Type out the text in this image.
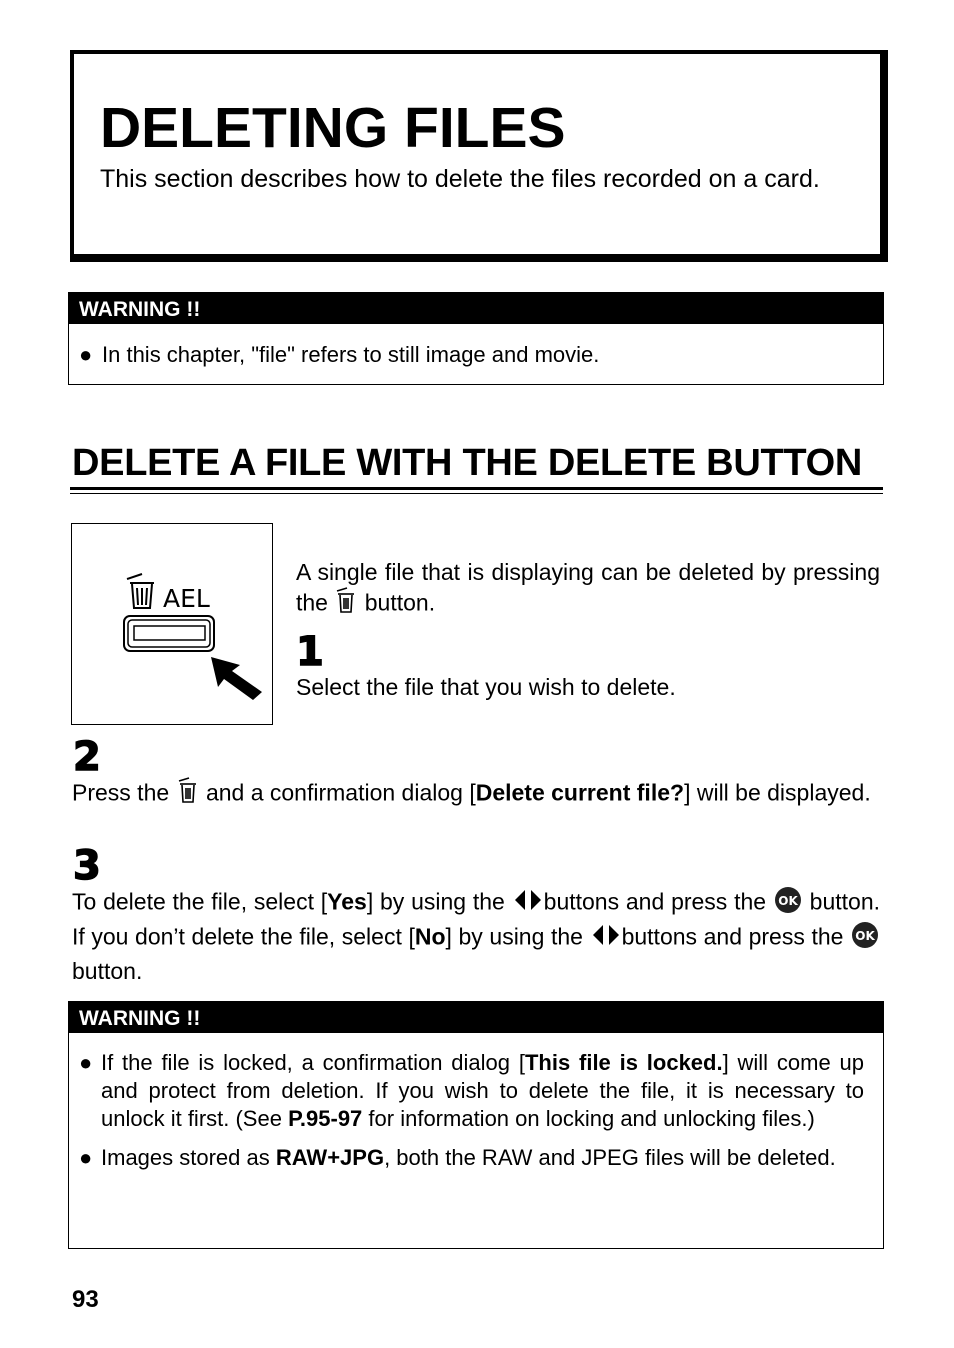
DELETING FILES
This section describes how to delete the files recorded on a card.
WARNING !!
● In this chapter, "file" refers to still image and movie.
DELETE A FILE WITH THE DELETE BUTTON
AEL
A single file that is displaying can be deleted by pressing the button.
1
Select the file that you wish to delete.
2
Press the and a confirmation dialog [Delete current file?] will be displayed.
3
To delete the file, select [Yes] by using the buttons and press the OK button. If you don’t delete the file, select [No] by using the buttons and press the OK
button.
WARNING !!
● If the file is locked, a confirmation dialog [This file is locked.] will come up and protect from deletion. If you wish to delete the file, it is necessary to unlock it first. (See P.95-97 for information on locking and unlocking files.)
● Images stored as RAW+JPG, both the RAW and JPEG files will be deleted.
93
